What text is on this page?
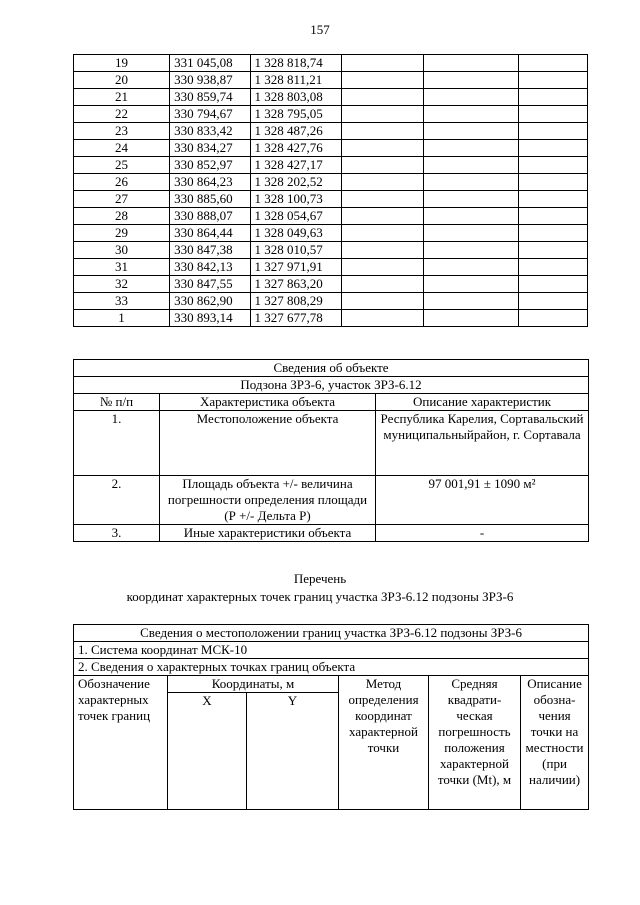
157
19	331 045,08	1 328 818,74			
20	330 938,87	1 328 811,21			
21	330 859,74	1 328 803,08			
22	330 794,67	1 328 795,05			
23	330 833,42	1 328 487,26			
24	330 834,27	1 328 427,76			
25	330 852,97	1 328 427,17			
26	330 864,23	1 328 202,52			
27	330 885,60	1 328 100,73			
28	330 888,07	1 328 054,67			
29	330 864,44	1 328 049,63			
30	330 847,38	1 328 010,57			
31	330 842,13	1 327 971,91			
32	330 847,55	1 327 863,20			
33	330 862,90	1 327 808,29			
1	330 893,14	1 327 677,78			
Сведения об объекте		
Подзона ЗРЗ-6, участок ЗРЗ-6.12		
№ п/п	Характеристика объекта	Описание характеристик
1.	Местоположение объекта	Республика Карелия, Сортавальский муниципальныйрайон, г. Сортавала
2.	Площадь объекта +/- величина погрешности определения площади (Р +/- Дельта Р)	97 001,91 ± 1090 м²
3.	Иные характеристики объекта	-
Перечень
координат характерных точек границ участка ЗРЗ-6.12 подзоны ЗРЗ-6
Сведения о местоположении границ участка ЗРЗ-6.12 подзоны ЗРЗ-6					
1. Система координат МСК-10					
2. Сведения о характерных точках границ объекта					
Обозначение характерных точек границ	Координаты, м		Метод определения координат характерной точки	Средняя квадрати-ческая погрешность положения характерной точки (Мt), м	Описание обозна-чения точки на местности (при наличии)
	X	Y			
